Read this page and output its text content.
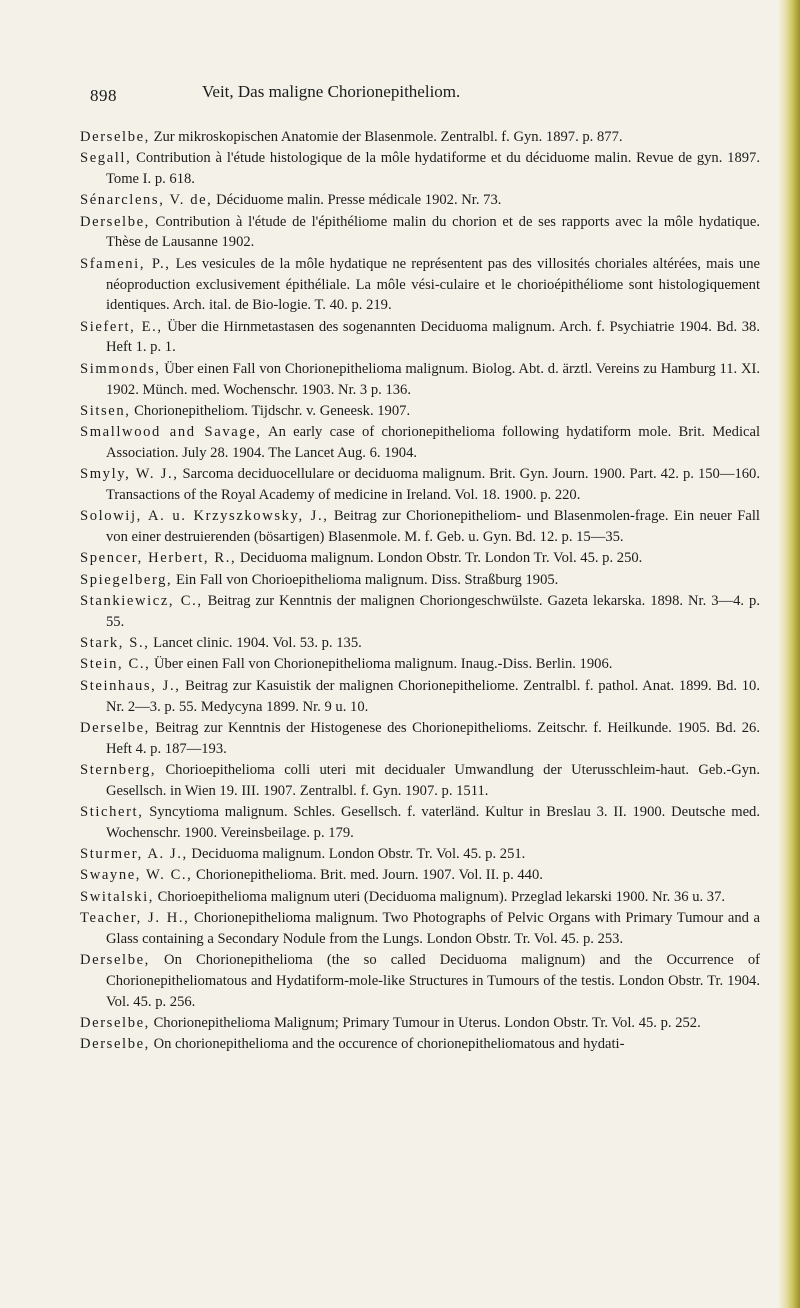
898	Veit, Das maligne Chorionepitheliom.

Derselbe, Zur mikroskopischen Anatomie der Blasenmole. Zentralbl. f. Gyn. 1897. p. 877.

Segall, Contribution à l'étude histologique de la môle hydatiforme et du déciduome malin. Revue de gyn. 1897. Tome I. p. 618.

Sénarclens, V. de, Déciduome malin. Presse médicale 1902. Nr. 73.

Derselbe, Contribution à l'étude de l'épithéliome malin du chorion et de ses rapports avec la môle hydatique. Thèse de Lausanne 1902.

Sfameni, P., Les vesicules de la môle hydatique ne représentent pas des villosités choriales altérées, mais une néoproduction exclusivement épithéliale. La môle vési-culaire et le chorioépithéliome sont histologiquement identiques. Arch. ital. de Bio-logie. T. 40. p. 219.

Siefert, E., Über die Hirnmetastasen des sogenannten Deciduoma malignum. Arch. f. Psychiatrie 1904. Bd. 38. Heft 1. p. 1.

Simmonds, Über einen Fall von Chorionepithelioma malignum. Biolog. Abt. d. ärztl. Vereins zu Hamburg 11. XI. 1902. Münch. med. Wochenschr. 1903. Nr. 3 p. 136.

Sitsen, Chorionepitheliom. Tijdschr. v. Geneesk. 1907.

Smallwood and Savage, An early case of chorionepithelioma following hydatiform mole. Brit. Medical Association. July 28. 1904. The Lancet Aug. 6. 1904.

Smyly, W. J., Sarcoma deciduocellulare or deciduoma malignum. Brit. Gyn. Journ. 1900. Part. 42. p. 150—160. Transactions of the Royal Academy of medicine in Ireland. Vol. 18. 1900. p. 220.

Solowij, A. u. Krzyszkowsky, J., Beitrag zur Chorionepitheliom- und Blasenmolen-frage. Ein neuer Fall von einer destruierenden (bösartigen) Blasenmole. M. f. Geb. u. Gyn. Bd. 12. p. 15—35.

Spencer, Herbert, R., Deciduoma malignum. London Obstr. Tr. London Tr. Vol. 45. p. 250.

Spiegelberg, Ein Fall von Chorioepithelioma malignum. Diss. Straßburg 1905.

Stankiewicz, C., Beitrag zur Kenntnis der malignen Choriongeschwülste. Gazeta lekarska. 1898. Nr. 3—4. p. 55.

Stark, S., Lancet clinic. 1904. Vol. 53. p. 135.

Stein, C., Über einen Fall von Chorionepithelioma malignum. Inaug.-Diss. Berlin. 1906.

Steinhaus, J., Beitrag zur Kasuistik der malignen Chorionepitheliome. Zentralbl. f. pathol. Anat. 1899. Bd. 10. Nr. 2—3. p. 55. Medycyna 1899. Nr. 9 u. 10.

Derselbe, Beitrag zur Kenntnis der Histogenese des Chorionepithelioms. Zeitschr. f. Heilkunde. 1905. Bd. 26. Heft 4. p. 187—193.

Sternberg, Chorioepithelioma colli uteri mit decidualer Umwandlung der Uterusschleim-haut. Geb.-Gyn. Gesellsch. in Wien 19. III. 1907. Zentralbl. f. Gyn. 1907. p. 1511.

Stichert, Syncytioma malignum. Schles. Gesellsch. f. vaterländ. Kultur in Breslau 3. II. 1900. Deutsche med. Wochenschr. 1900. Vereinsbeilage. p. 179.

Sturmer, A. J., Deciduoma malignum. London Obstr. Tr. Vol. 45. p. 251.

Swayne, W. C., Chorionepithelioma. Brit. med. Journ. 1907. Vol. II. p. 440.

Switalski, Chorioepithelioma malignum uteri (Deciduoma malignum). Przeglad lekarski 1900. Nr. 36 u. 37.

Teacher, J. H., Chorionepithelioma malignum. Two Photographs of Pelvic Organs with Primary Tumour and a Glass containing a Secondary Nodule from the Lungs. London Obstr. Tr. Vol. 45. p. 253.

Derselbe, On Chorionepithelioma (the so called Deciduoma malignum) and the Occurrence of Chorionepitheliomatous and Hydatiform-mole-like Structures in Tumours of the testis. London Obstr. Tr. 1904. Vol. 45. p. 256.

Derselbe, Chorionepithelioma Malignum; Primary Tumour in Uterus. London Obstr. Tr. Vol. 45. p. 252.

Derselbe, On chorionepithelioma and the occurence of chorionepitheliomatous and hydati-
